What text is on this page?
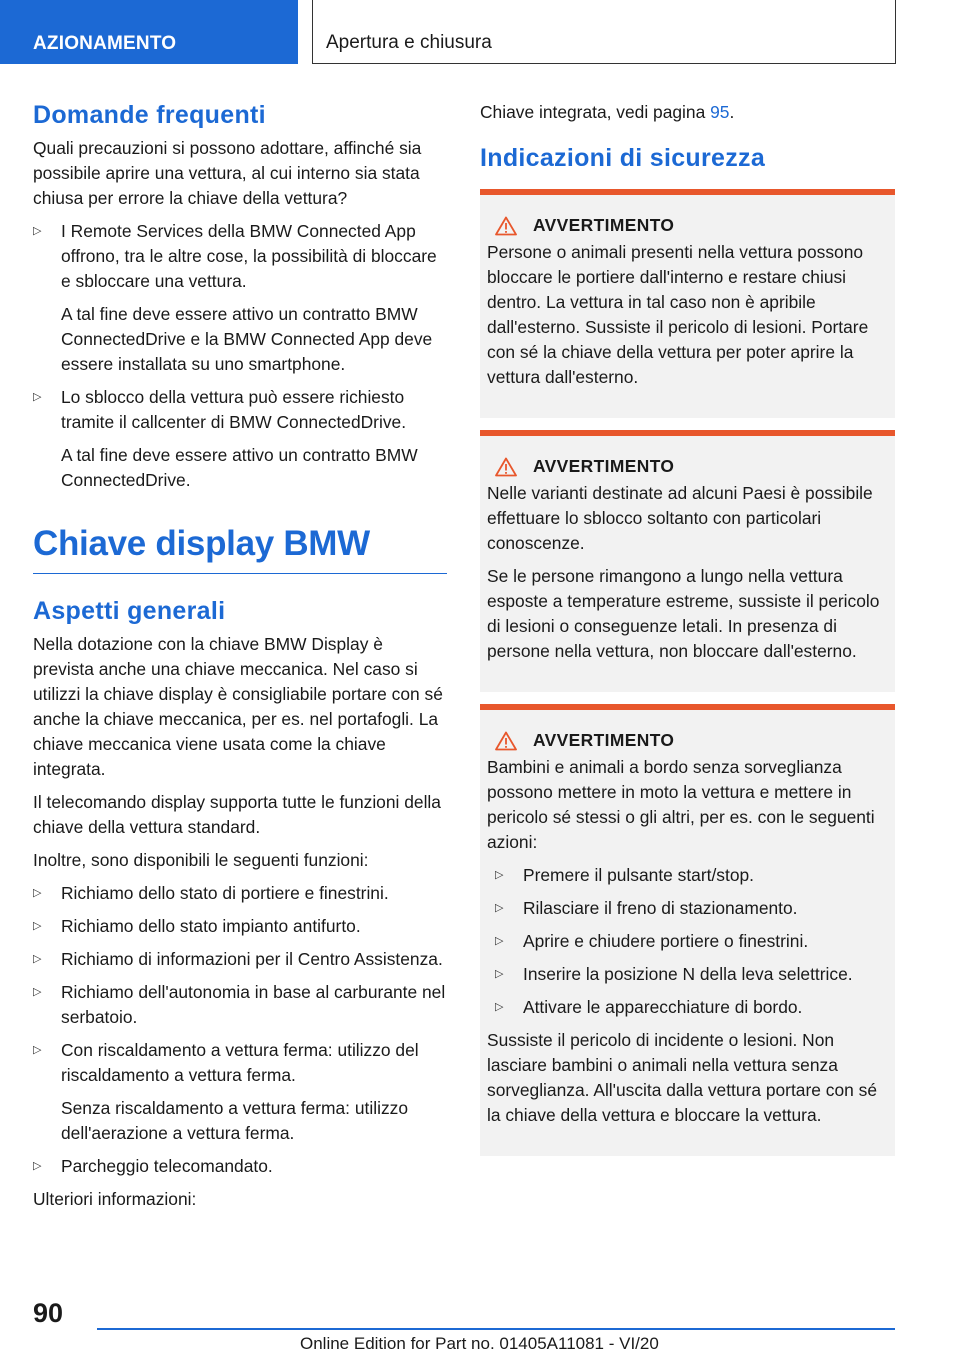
AZIONAMENTO	Apertura e chiusura
Domande frequenti

Quali precauzioni si possono adottare, affinché sia possibile aprire una vettura, al cui interno sia stata chiusa per errore la chiave della vettura?

▷ I Remote Services della BMW Connected App offrono, tra le altre cose, la possibilità di bloccare e sbloccare una vettura.
A tal fine deve essere attivo un contratto BMW ConnectedDrive e la BMW Connected App deve essere installata su uno smartphone.
▷ Lo sblocco della vettura può essere richiesto tramite il callcenter di BMW ConnectedDrive.
A tal fine deve essere attivo un contratto BMW ConnectedDrive.
Chiave display BMW
Aspetti generali

Nella dotazione con la chiave BMW Display è prevista anche una chiave meccanica. Nel caso si utilizzi la chiave display è consigliabile portare con sé anche la chiave meccanica, per es. nel portafogli. La chiave meccanica viene usata come la chiave integrata.

Il telecomando display supporta tutte le funzioni della chiave della vettura standard.

Inoltre, sono disponibili le seguenti funzioni:

▷ Richiamo dello stato di portiere e finestrini.
▷ Richiamo dello stato impianto antifurto.
▷ Richiamo di informazioni per il Centro Assistenza.
▷ Richiamo dell'autonomia in base al carburante nel serbatoio.
▷ Con riscaldamento a vettura ferma: utilizzo del riscaldamento a vettura ferma.
Senza riscaldamento a vettura ferma: utilizzo dell'aerazione a vettura ferma.
▷ Parcheggio telecomandato.

Ulteriori informazioni:

Chiave integrata, vedi pagina 95.

Indicazioni di sicurezza
AVVERTIMENTO

Persone o animali presenti nella vettura possono bloccare le portiere dall'interno e restare chiusi dentro. La vettura in tal caso non è apribile dall'esterno. Sussiste il pericolo di lesioni. Portare con sé la chiave della vettura per poter aprire la vettura dall'esterno.

AVVERTIMENTO

Nelle varianti destinate ad alcuni Paesi è possibile effettuare lo sblocco soltanto con particolari conoscenze.

Se le persone rimangono a lungo nella vettura esposte a temperature estreme, sussiste il pericolo di lesioni o conseguenze letali. In presenza di persone nella vettura, non bloccare dall'esterno.

AVVERTIMENTO

Bambini e animali a bordo senza sorveglianza possono mettere in moto la vettura e mettere in pericolo sé stessi o gli altri, per es. con le seguenti azioni:

▷ Premere il pulsante start/stop.
▷ Rilasciare il freno di stazionamento.
▷ Aprire e chiudere portiere o finestrini.
▷ Inserire la posizione N della leva selettrice.
▷ Attivare le apparecchiature di bordo.

Sussiste il pericolo di incidente o lesioni. Non lasciare bambini o animali nella vettura senza sorveglianza. All'uscita dalla vettura portare con sé la chiave della vettura e bloccare la vettura.

90
Online Edition for Part no. 01405A11081 - VI/20
